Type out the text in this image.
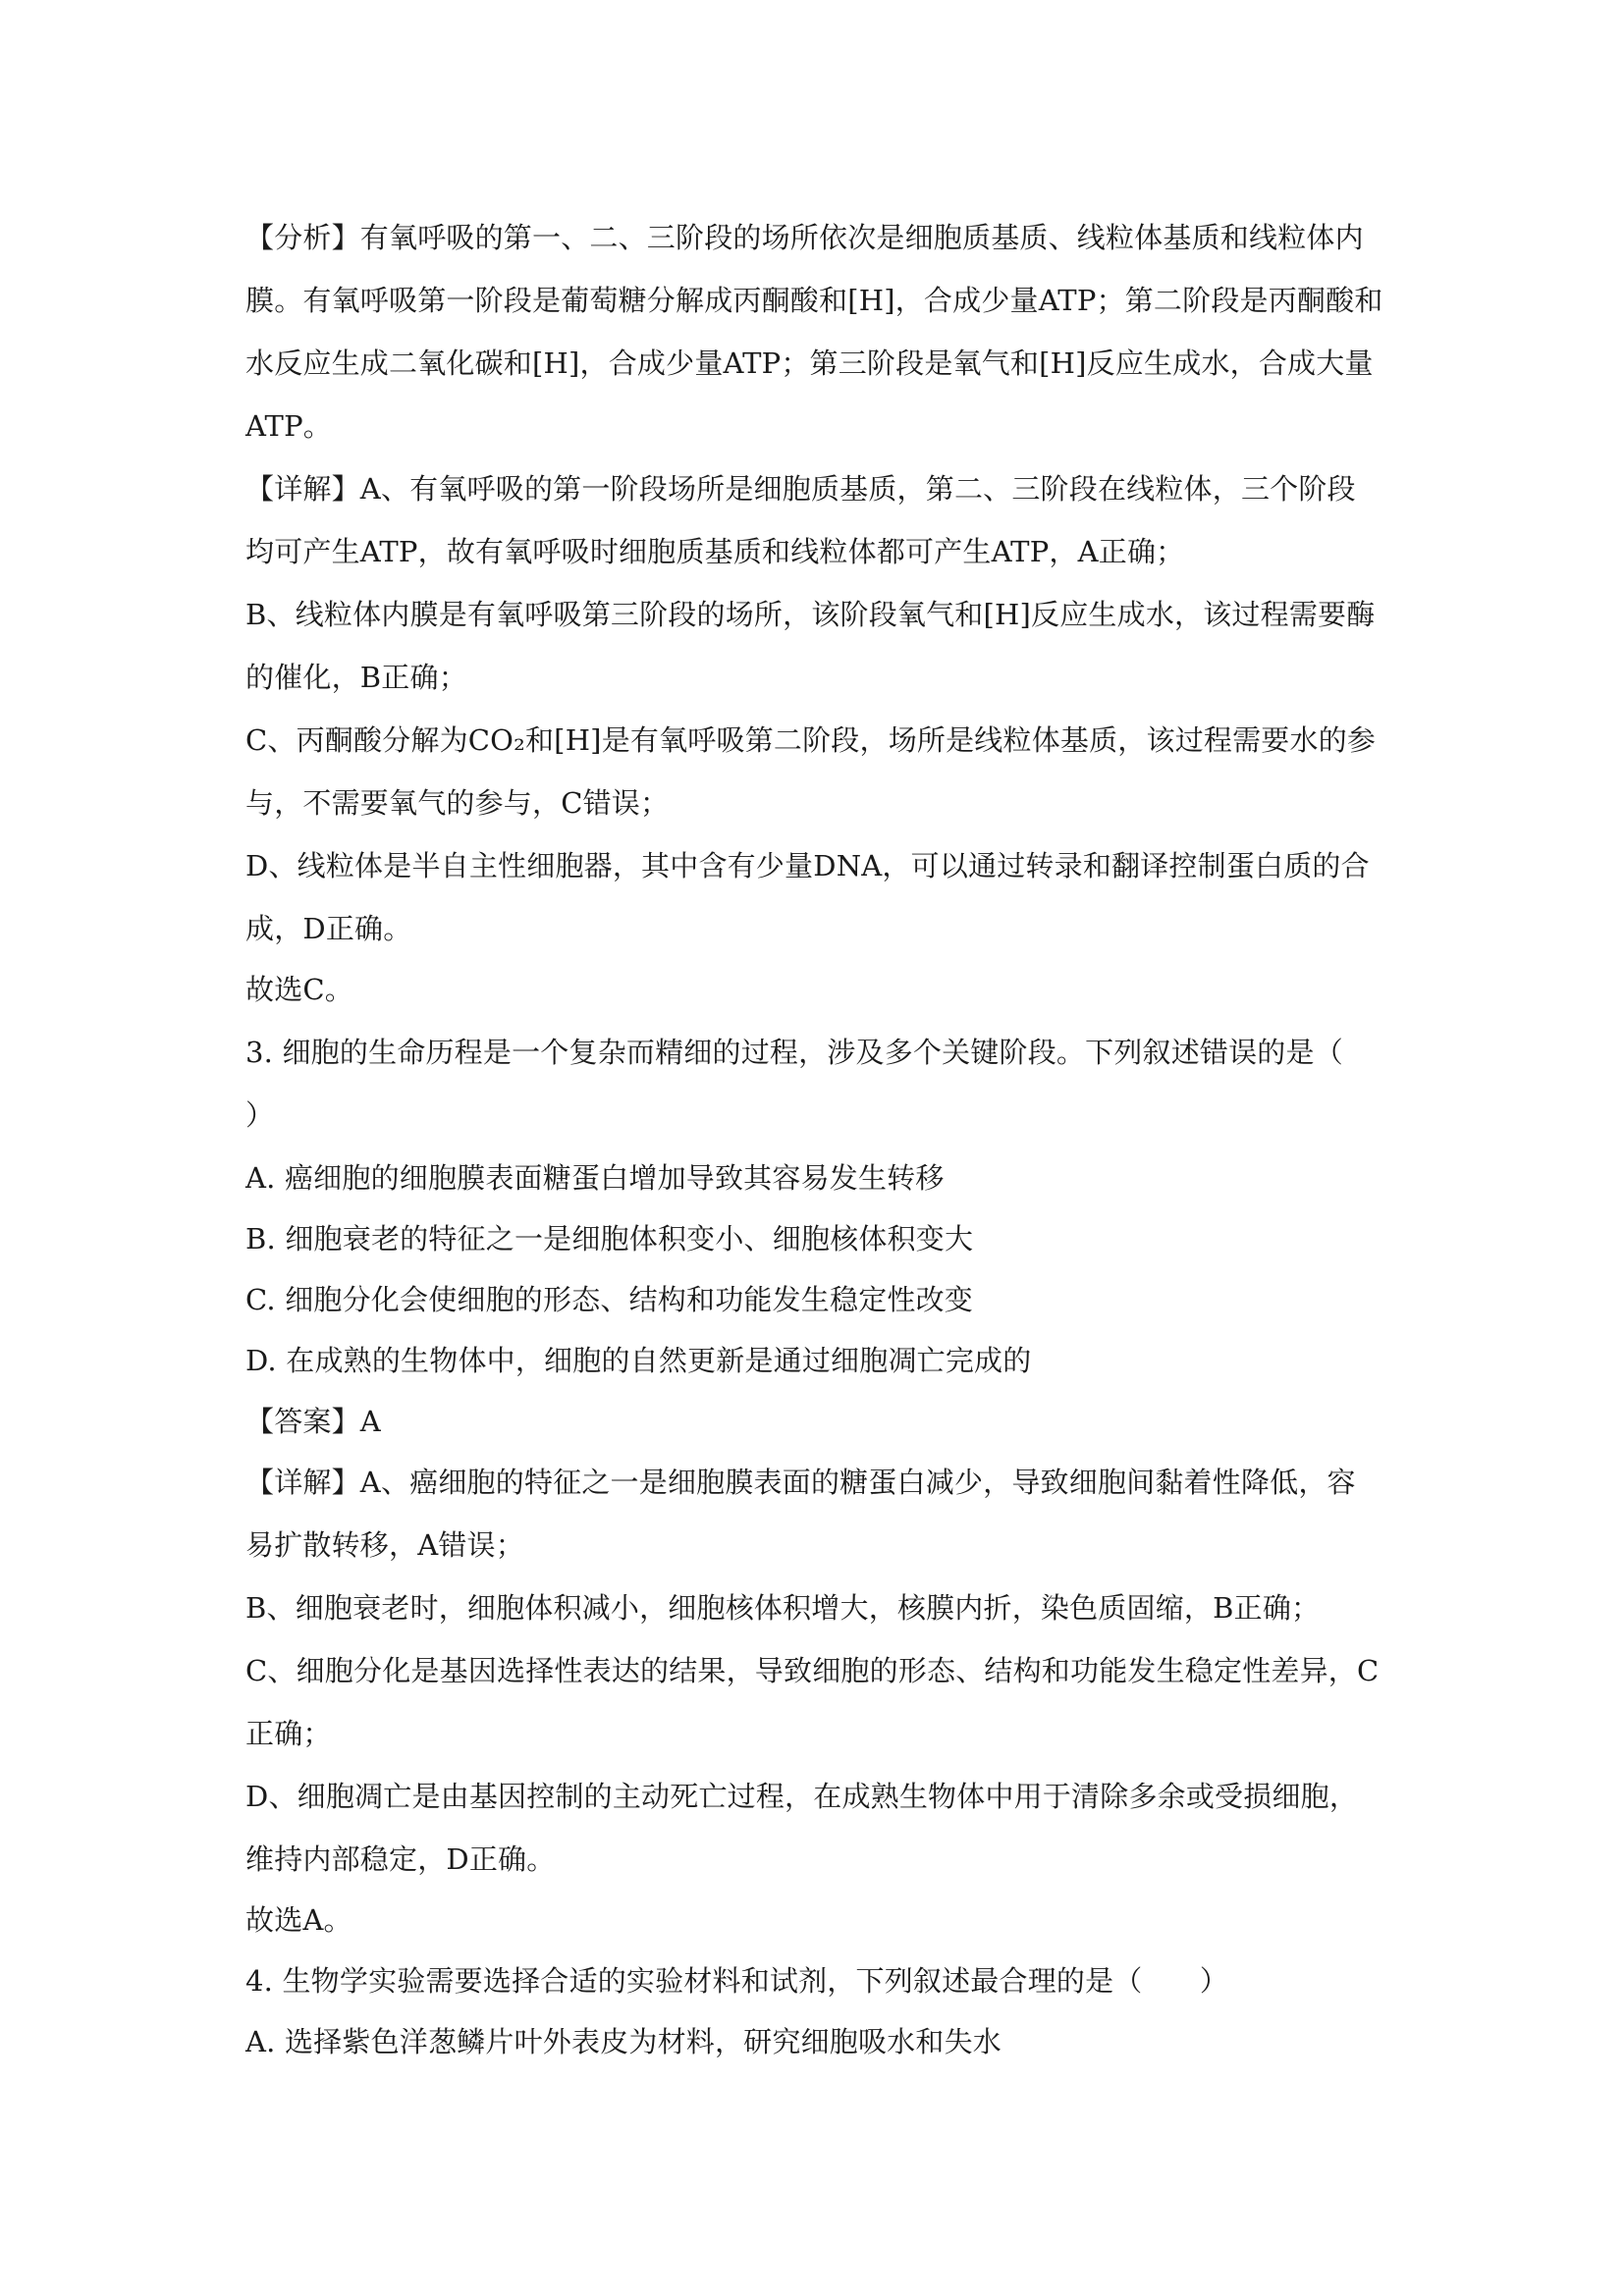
【分析】有氧呼吸的第一、二、三阶段的场所依次是细胞质基质、线粒体基质和线粒体内
膜。有氧呼吸第一阶段是葡萄糖分解成丙酮酸和[H]，合成少量ATP；第二阶段是丙酮酸和
水反应生成二氧化碳和[H]，合成少量ATP；第三阶段是氧气和[H]反应生成水，合成大量
ATP。
【详解】A、有氧呼吸的第一阶段场所是细胞质基质，第二、三阶段在线粒体，三个阶段
均可产生ATP，故有氧呼吸时细胞质基质和线粒体都可产生ATP，A正确；
B、线粒体内膜是有氧呼吸第三阶段的场所，该阶段氧气和[H]反应生成水，该过程需要酶
的催化，B正确；
C、丙酮酸分解为CO₂和[H]是有氧呼吸第二阶段，场所是线粒体基质，该过程需要水的参
与，不需要氧气的参与，C错误；
D、线粒体是半自主性细胞器，其中含有少量DNA，可以通过转录和翻译控制蛋白质的合
成，D正确。
故选C。
3. 细胞的生命历程是一个复杂而精细的过程，涉及多个关键阶段。下列叙述错误的是（
）
A. 癌细胞的细胞膜表面糖蛋白增加导致其容易发生转移
B. 细胞衰老的特征之一是细胞体积变小、细胞核体积变大
C. 细胞分化会使细胞的形态、结构和功能发生稳定性改变
D. 在成熟的生物体中，细胞的自然更新是通过细胞凋亡完成的
【答案】A
【详解】A、癌细胞的特征之一是细胞膜表面的糖蛋白减少，导致细胞间黏着性降低，容
易扩散转移，A错误；
B、细胞衰老时，细胞体积减小，细胞核体积增大，核膜内折，染色质固缩，B正确；
C、细胞分化是基因选择性表达的结果，导致细胞的形态、结构和功能发生稳定性差异，C
正确；
D、细胞凋亡是由基因控制的主动死亡过程，在成熟生物体中用于清除多余或受损细胞，
维持内部稳定，D正确。
故选A。
4. 生物学实验需要选择合适的实验材料和试剂，下列叙述最合理的是（　　）
A. 选择紫色洋葱鳞片叶外表皮为材料，研究细胞吸水和失水
